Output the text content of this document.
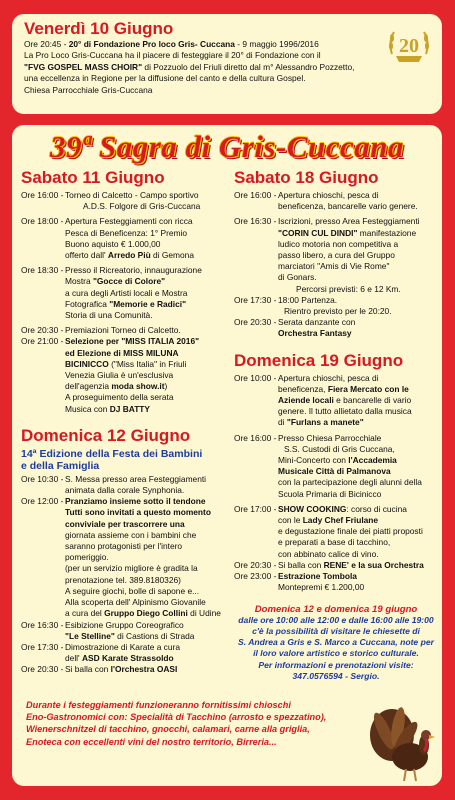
Venerdì 10 Giugno
Ore 20:45 - 20° di Fondazione Pro loco Gris- Cuccana - 9 maggio 1996/2016
La Pro Loco Gris-Cuccana ha il piacere di festeggiare il 20° di Fondazione con il
"FVG GOSPEL MASS CHOIR" di Pozzuolo del Friuli diretto dal m° Alessandro Pozzetto,
una eccellenza in Regione per la diffusione del canto e della cultura Gospel.
Chiesa Parrocchiale Gris-Cuccana
20
39ª Sagra di Gris-Cuccana
Sabato 11 Giugno
Ore 16:00 - Torneo di Calcetto - Campo sportivo
A.D.S. Folgore di Gris-Cuccana
Ore 18:00 - Apertura Festeggiamenti con ricca
Pesca di Beneficenza: 1° Premio
Buono aquisto € 1.000,00
offerto dall' Arredo Più di Gemona
Ore 18:30 - Presso il Ricreatorio, innaugurazione
Mostra "Gocce di Colore"
a cura degli Artisti locali e Mostra
Fotografica "Memorie e Radici"
Storia di una Comunità.
Ore 20:30 - Premiazioni Torneo di Calcetto.
Ore 21:00 - Selezione per "MISS ITALIA 2016"
ed Elezione di MISS MILUNA
BICINICCO ("Miss Italia" in Friuli
Venezia Giulia è un'esclusiva
dell'agenzia moda show.it)
A proseguimento della serata
Musica con DJ BATTY
Domenica 12 Giugno
14ª Edizione della Festa dei Bambini
e della Famiglia
Ore 10:30 - S. Messa presso area Festeggiamenti
animata dalla corale Synphonia.
Ore 12:00 - Pranziamo insieme sotto il tendone
Tutti sono invitati a questo momento
conviviale per trascorrere una
giornata assieme con i bambini che
saranno protagonisti per l'intero
pomeriggio.
(per un servizio migliore è gradita la
prenotazione tel. 389.8180326)
A seguire giochi, bolle di sapone e...
Alla scoperta dell' Alpinismo Giovanile
a cura del Gruppo Diego Collini di Udine
Ore 16:30 - Esibizione Gruppo Coreografico
"Le Stelline" di Castions di Strada
Ore 17:30 - Dimostrazione di Karate a cura
dell' ASD Karate Strassoldo
Ore 20:30 - Si balla con l'Orchestra OASI
Sabato 18 Giugno
Ore 16:00 - Apertura chioschi, pesca di
beneficenza, bancarelle vario genere.
Ore 16:30 - Iscrizioni, presso Area Festeggiamenti
"CORIN CUL DINDI" manifestazione
ludico motoria non competitiva a
passo libero, a cura del Gruppo
marciatori "Amis di Vie Rome"
di Gonars.
Percorsi previsti: 6 e 12 Km.
Ore 17:30 - 18:00 Partenza.
Rientro previsto per le 20:20.
Ore 20:30 - Serata danzante con
Orchestra Fantasy
Domenica 19 Giugno
Ore 10:00 - Apertura chioschi, pesca di
beneficenza, Fiera Mercato con le
Aziende locali e bancarelle di vario
genere. Il tutto allietato dalla musica
di "Furlans a manete"
Ore 16:00 - Presso Chiesa Parrocchiale
S.S. Custodi di Gris Cuccana,
Mini-Concerto con l'Accademia
Musicale Città di Palmanova
con la partecipazione degli alunni della
Scuola Primaria di Bicinicco
Ore 17:00 - SHOW COOKING: corso di cucina
con le Lady Chef Friulane
e degustazione finale dei piatti proposti
e preparati a base di tacchino,
con abbinato calice di vino.
Ore 20:30 - Si balla con RENE' e la sua Orchestra
Ore 23:00 - Estrazione Tombola
Montepremi € 1.200,00
Domenica 12 e domenica 19 giugno
dalle ore 10:00 alle 12:00 e dalle 16:00 alle 19:00
c'è la possibilità di visitare le chiesette di
S. Andrea a Gris e S. Marco a Cuccana, note per
il loro valore artistico e storico culturale.
Per informazioni e prenotazioni visite:
347.0576594 - Sergio.
Durante i festeggiamenti funzioneranno fornitissimi chioschi
Eno-Gastronomici con: Specialità di Tacchino (arrosto e spezzatino),
Wienerschnitzel di tacchino, gnocchi, calamari, carne alla griglia,
Enoteca con eccellenti vini del nostro territorio, Birreria...
